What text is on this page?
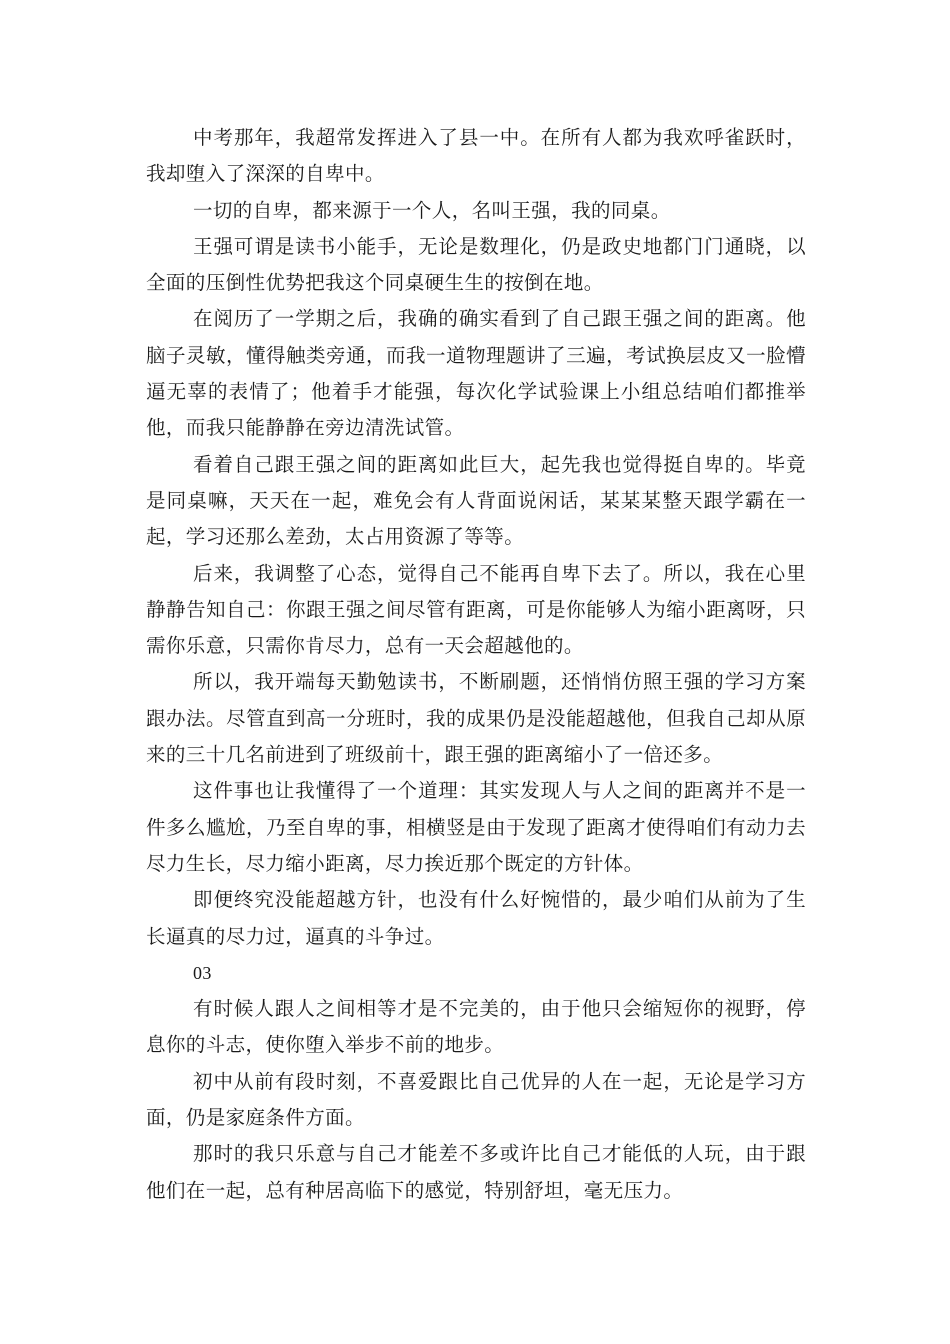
中考那年，我超常发挥进入了县一中。在所有人都为我欢呼雀跃时，我却堕入了深深的自卑中。

一切的自卑，都来源于一个人，名叫王强，我的同桌。

王强可谓是读书小能手，无论是数理化，仍是政史地都门门通晓，以全面的压倒性优势把我这个同桌硬生生的按倒在地。

在阅历了一学期之后，我确的确实看到了自己跟王强之间的距离。他脑子灵敏，懂得触类旁通，而我一道物理题讲了三遍，考试换层皮又一脸懵逼无辜的表情了；他着手才能强，每次化学试验课上小组总结咱们都推举他，而我只能静静在旁边清洗试管。

看着自己跟王强之间的距离如此巨大，起先我也觉得挺自卑的。毕竟是同桌嘛，天天在一起，难免会有人背面说闲话，某某某整天跟学霸在一起，学习还那么差劲，太占用资源了等等。

后来，我调整了心态，觉得自己不能再自卑下去了。所以，我在心里静静告知自己：你跟王强之间尽管有距离，可是你能够人为缩小距离呀，只需你乐意，只需你肯尽力，总有一天会超越他的。

所以，我开端每天勤勉读书，不断刷题，还悄悄仿照王强的学习方案跟办法。尽管直到高一分班时，我的成果仍是没能超越他，但我自己却从原来的三十几名前进到了班级前十，跟王强的距离缩小了一倍还多。

这件事也让我懂得了一个道理：其实发现人与人之间的距离并不是一件多么尴尬，乃至自卑的事，相横竖是由于发现了距离才使得咱们有动力去尽力生长，尽力缩小距离，尽力挨近那个既定的方针体。

即便终究没能超越方针，也没有什么好惋惜的，最少咱们从前为了生长逼真的尽力过，逼真的斗争过。

03

有时候人跟人之间相等才是不完美的，由于他只会缩短你的视野，停息你的斗志，使你堕入举步不前的地步。

初中从前有段时刻，不喜爱跟比自己优异的人在一起，无论是学习方面，仍是家庭条件方面。

那时的我只乐意与自己才能差不多或许比自己才能低的人玩，由于跟他们在一起，总有种居高临下的感觉，特别舒坦，毫无压力。
